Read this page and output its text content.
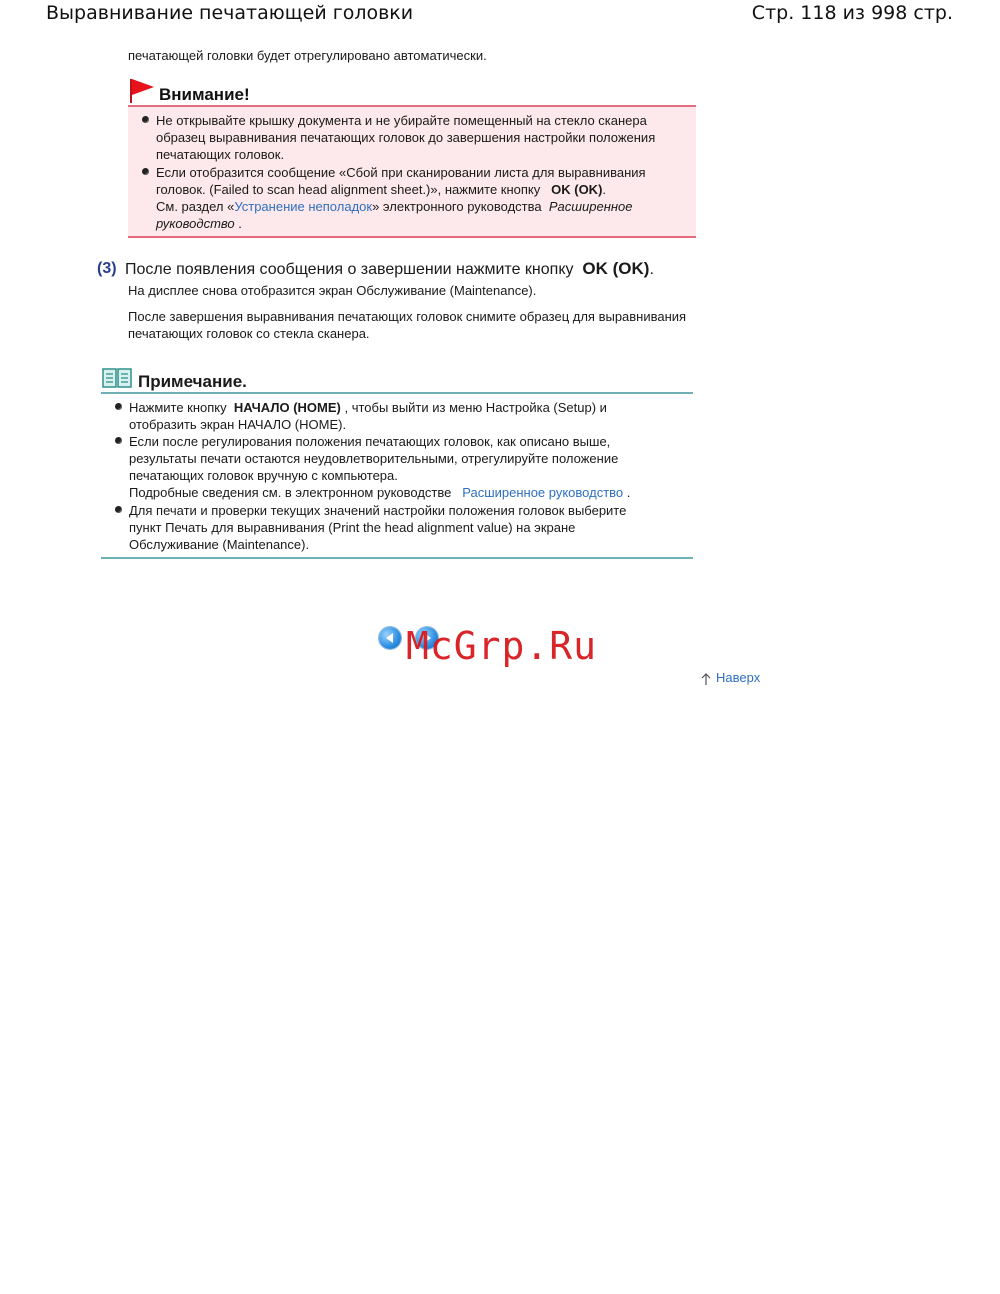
Выравнивание печатающей головки	Стр. 118 из 998 стр.
печатающей головки будет отрегулировано автоматически.
Внимание!
Не открывайте крышку документа и не убирайте помещенный на стекло сканера
образец выравнивания печатающих головок до завершения настройки положения
печатающих головок.
Если отобразится сообщение «Сбой при сканировании листа для выравнивания
головок. (Failed to scan head alignment sheet.)», нажмите кнопку OK (OK).
См. раздел «Устранение неполадок» электронного руководства Расширенное
руководство .
(3) После появления сообщения о завершении нажмите кнопку OK (OK).
На дисплее снова отобразится экран Обслуживание (Maintenance).
После завершения выравнивания печатающих головок снимите образец для выравнивания
печатающих головок со стекла сканера.
Примечание.
Нажмите кнопку НАЧАЛО (HOME) , чтобы выйти из меню Настройка (Setup) и
отобразить экран НАЧАЛО (HOME).
Если после регулирования положения печатающих головок, как описано выше,
результаты печати остаются неудовлетворительными, отрегулируйте положение
печатающих головок вручную с компьютера.
Подробные сведения см. в электронном руководстве Расширенное руководство .
Для печати и проверки текущих значений настройки положения головок выберите
пункт Печать для выравнивания (Print the head alignment value) на экране
Обслуживание (Maintenance).
McGrp.Ru
Наверх
